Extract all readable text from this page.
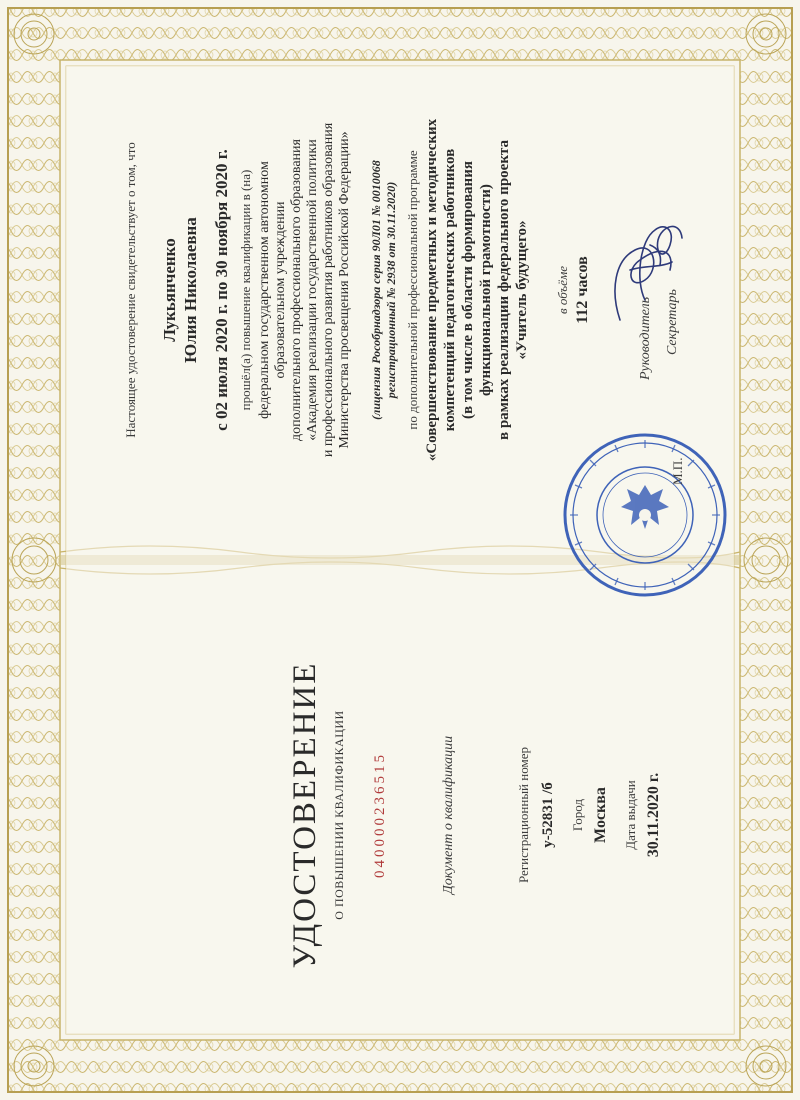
УДОСТОВЕРЕНИЕ О ПОВЫШЕНИИ КВАЛИФИКАЦИИ 040000236515	Документ о квалификации	Регистрационный номер у-52831 /б Город Москва Дата выдачи 30.11.2020 г.
Настоящее удостоверение свидетельствует о том, что Лукьянченко Юлия Николаевна с 02 июля 2020 г. по 30 ноября 2020 г. прошёл(а) повышение квалификации в (на) федеральном государственном автономном образовательном учреждении дополнительного профессионального образования «Академия реализации государственной политики и профессионального развития работников образования Министерства просвещения Российской Федерации» (лицензия Рособрнадзора серия 90Л01 № 0010068 регистрационный № 2938 от 30.11.2020) по дополнительной профессиональной программе «Совершенствование предметных и методических компетенций педагогических работников (в том числе в области формирования функциональной грамотности) в рамках реализации федерального проекта «Учитель будущего» в объёме 112 часов
Руководитель Секретарь
М.П.
